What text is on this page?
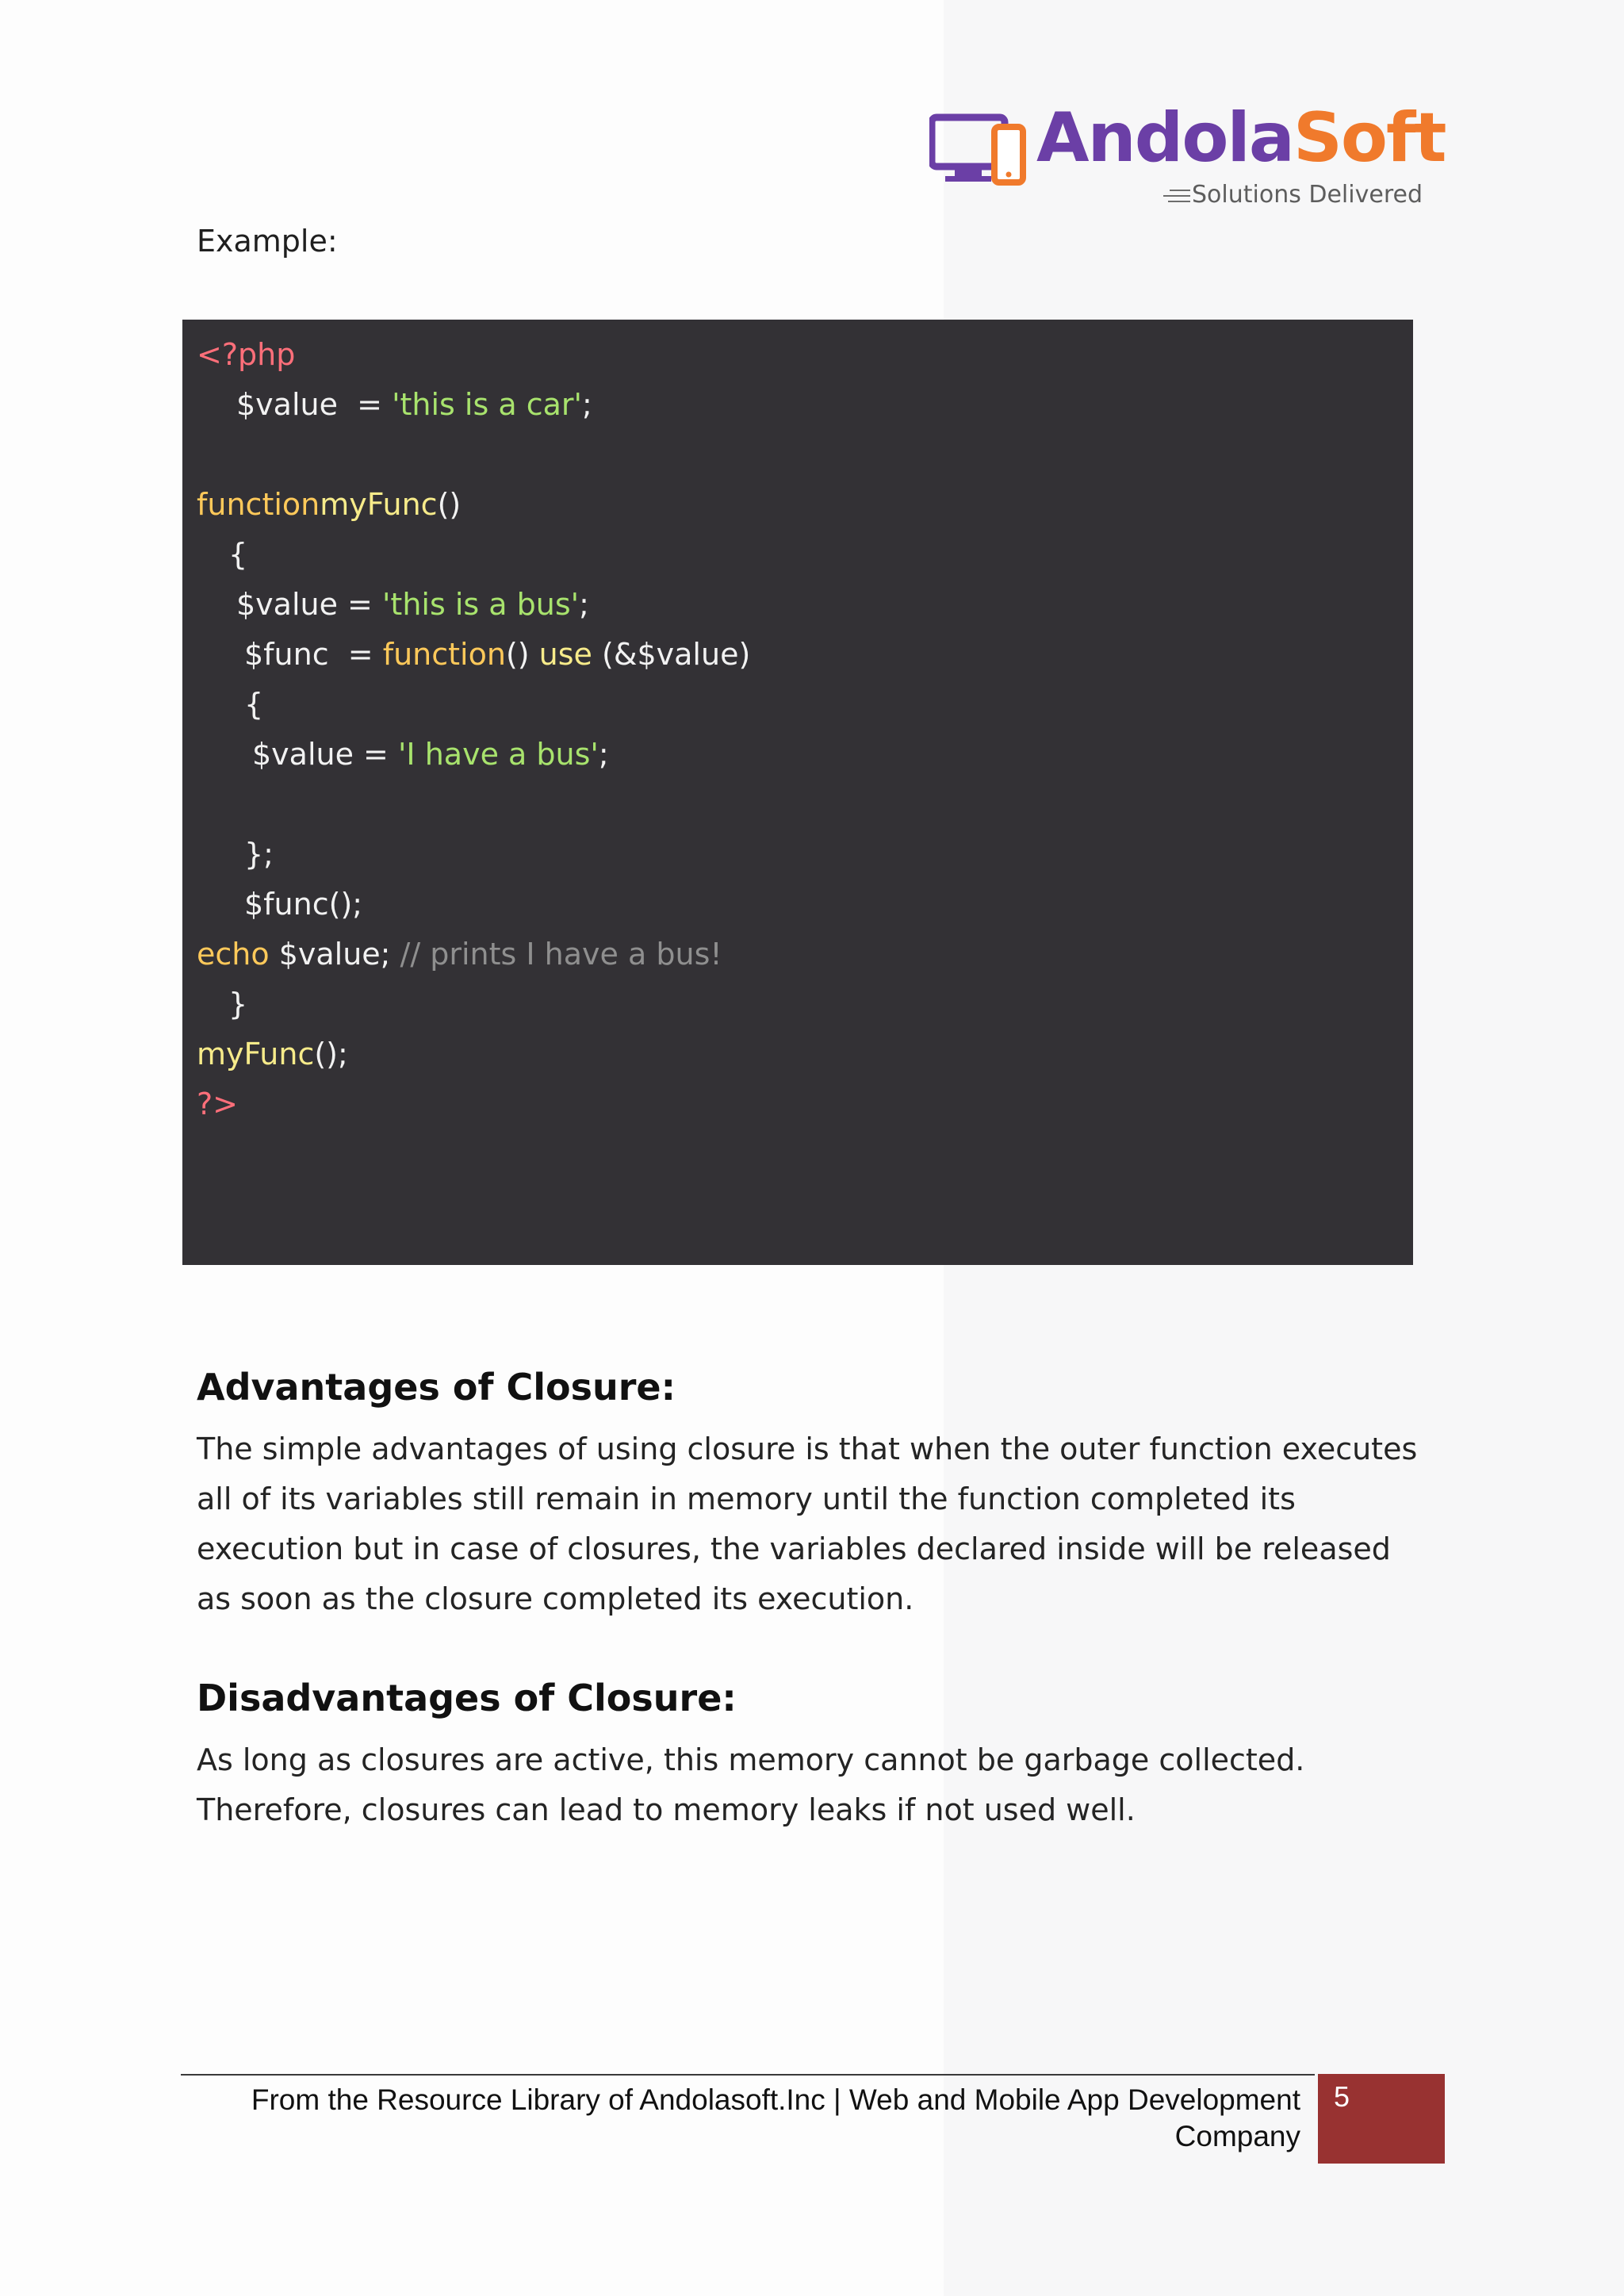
AndolaSoft
Solutions Delivered
Example:
<?php
$value  = 'this is a car';
functionmyFunc()
{
$value = 'this is a bus';
$func  = function() use (&$value)
{
$value = 'I have a bus';
};
$func();
echo $value; // prints I have a bus!
}
myFunc();
?>
Advantages of Closure:
The simple advantages of using closure is that when the outer function executes all of its variables still remain in memory until the function completed its execution but in case of closures, the variables declared inside will be released as soon as the closure completed its execution.
Disadvantages of Closure:
As long as closures are active, this memory cannot be garbage collected. Therefore, closures can lead to memory leaks if not used well.
From the Resource Library of Andolasoft.Inc | Web and Mobile App Development
Company
5
